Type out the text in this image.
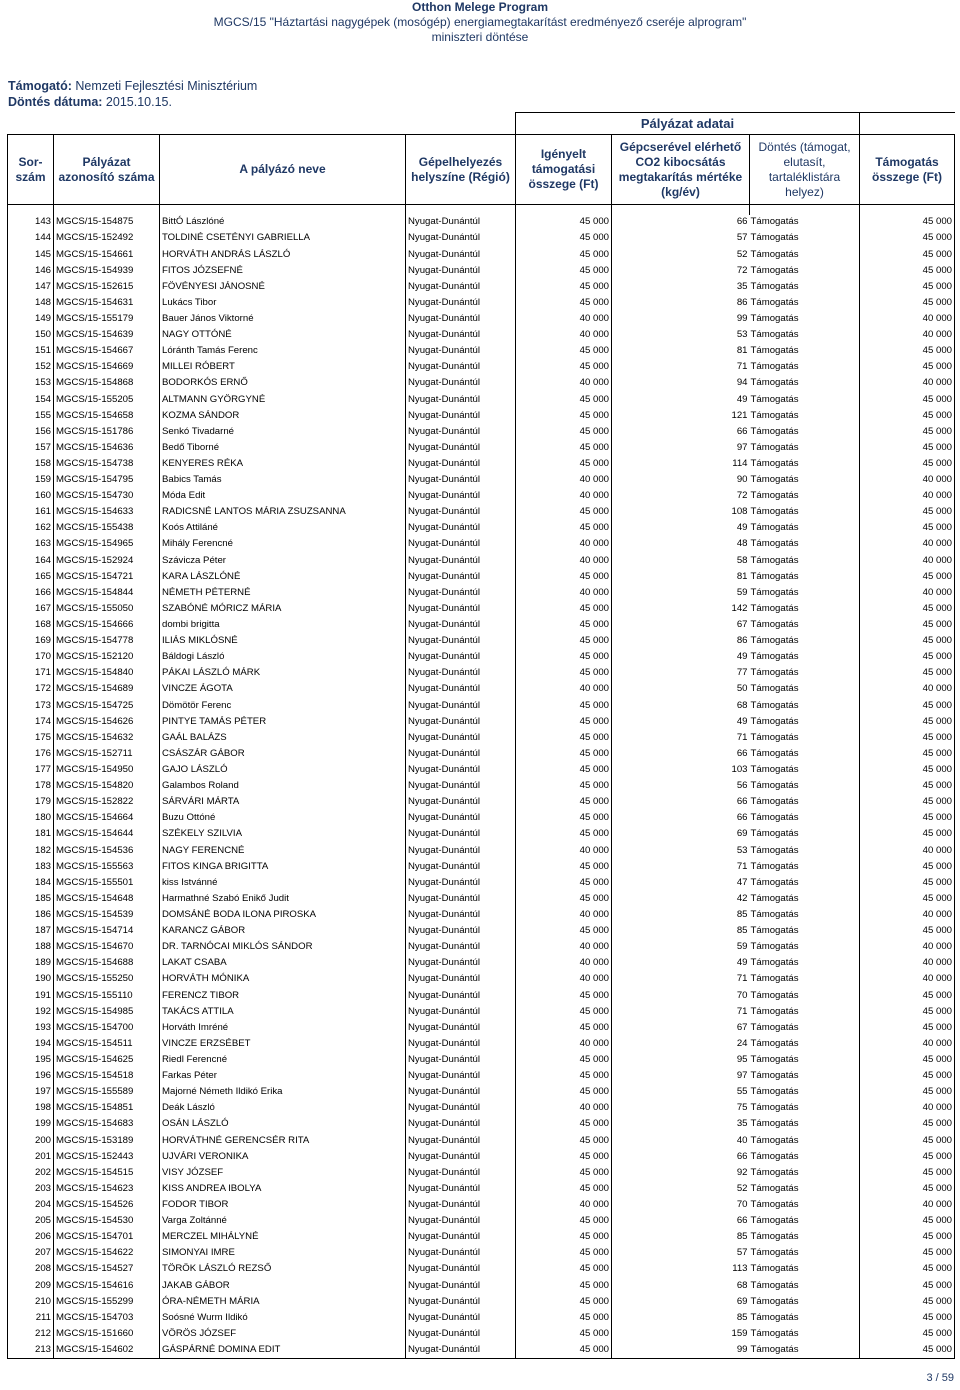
Otthon Melege Program
MGCS/15 "Háztartási nagygépek (mosógép) energiamegtakarítást eredményező cseréje alprogram"
miniszteri döntése
Támogató: Nemzeti Fejlesztési Minisztérium
Döntés dátuma: 2015.10.15.
				Pályázat adatai			
Sor-szám	Pályázat azonosító száma	A pályázó neve	Gépelhelyezés helyszíne (Régió)	Igényelt támogatási összege (Ft)	Gépcserével elérhető CO2 kibocsátás megtakarítás mértéke (kg/év)	Döntés (támogat, elutasít, tartaléklistára helyez)	Támogatás összege (Ft)

143	MGCS/15-154875	BittÓ Lászlóné	Nyugat-Dunántúl	45 000	66	Támogatás	45 000
144	MGCS/15-152492	TOLDINÉ CSETÉNYI GABRIELLA	Nyugat-Dunántúl	45 000	57	Támogatás	45 000
145	MGCS/15-154661	HORVÁTH ANDRÁS LÁSZLÓ	Nyugat-Dunántúl	45 000	52	Támogatás	45 000
146	MGCS/15-154939	FITOS JÓZSEFNÉ	Nyugat-Dunántúl	45 000	72	Támogatás	45 000
147	MGCS/15-152615	FÖVÉNYESI JÁNOSNÉ	Nyugat-Dunántúl	45 000	35	Támogatás	45 000
148	MGCS/15-154631	Lukács Tibor	Nyugat-Dunántúl	45 000	86	Támogatás	45 000
149	MGCS/15-155179	Bauer János Viktorné	Nyugat-Dunántúl	40 000	99	Támogatás	40 000
150	MGCS/15-154639	NAGY OTTÓNÉ	Nyugat-Dunántúl	40 000	53	Támogatás	40 000
151	MGCS/15-154667	Lóránth Tamás Ferenc	Nyugat-Dunántúl	45 000	81	Támogatás	45 000
152	MGCS/15-154669	MILLEI RÓBERT	Nyugat-Dunántúl	45 000	71	Támogatás	45 000
153	MGCS/15-154868	BODORKÓS ERNŐ	Nyugat-Dunántúl	40 000	94	Támogatás	40 000
154	MGCS/15-155205	ALTMANN GYÖRGYNÉ	Nyugat-Dunántúl	45 000	49	Támogatás	45 000
155	MGCS/15-154658	KOZMA SÁNDOR	Nyugat-Dunántúl	45 000	121	Támogatás	45 000
156	MGCS/15-151786	Senkó Tivadarné	Nyugat-Dunántúl	45 000	66	Támogatás	45 000
157	MGCS/15-154636	Bedő Tiborné	Nyugat-Dunántúl	45 000	97	Támogatás	45 000
158	MGCS/15-154738	KENYERES RÉKA	Nyugat-Dunántúl	45 000	114	Támogatás	45 000
159	MGCS/15-154795	Babics Tamás	Nyugat-Dunántúl	40 000	90	Támogatás	40 000
160	MGCS/15-154730	Móda Edit	Nyugat-Dunántúl	40 000	72	Támogatás	40 000
161	MGCS/15-154633	RADICSNÉ LANTOS MÁRIA ZSUZSANNA	Nyugat-Dunántúl	45 000	108	Támogatás	45 000
162	MGCS/15-155438	Koós Attiláné	Nyugat-Dunántúl	45 000	49	Támogatás	45 000
163	MGCS/15-154965	Mihály Ferencné	Nyugat-Dunántúl	40 000	48	Támogatás	40 000
164	MGCS/15-152924	Szávicza Péter	Nyugat-Dunántúl	40 000	58	Támogatás	40 000
165	MGCS/15-154721	KARA LÁSZLÓNÉ	Nyugat-Dunántúl	45 000	81	Támogatás	45 000
166	MGCS/15-154844	NÉMETH PÉTERNÉ	Nyugat-Dunántúl	40 000	59	Támogatás	40 000
167	MGCS/15-155050	SZABÓNÉ MÓRICZ MÁRIA	Nyugat-Dunántúl	45 000	142	Támogatás	45 000
168	MGCS/15-154666	dombi brigitta	Nyugat-Dunántúl	45 000	67	Támogatás	45 000
169	MGCS/15-154778	ILIÁS MIKLÓSNÉ	Nyugat-Dunántúl	45 000	86	Támogatás	45 000
170	MGCS/15-152120	Báldogi László	Nyugat-Dunántúl	45 000	49	Támogatás	45 000
171	MGCS/15-154840	PÁKAI LÁSZLÓ MÁRK	Nyugat-Dunántúl	45 000	77	Támogatás	45 000
172	MGCS/15-154689	VINCZE ÁGOTA	Nyugat-Dunántúl	40 000	50	Támogatás	40 000
173	MGCS/15-154725	Dömötör Ferenc	Nyugat-Dunántúl	45 000	68	Támogatás	45 000
174	MGCS/15-154626	PINTYE TAMÁS PÉTER	Nyugat-Dunántúl	45 000	49	Támogatás	45 000
175	MGCS/15-154632	GAÁL BALÁZS	Nyugat-Dunántúl	45 000	71	Támogatás	45 000
176	MGCS/15-152711	CSÁSZÁR GÁBOR	Nyugat-Dunántúl	45 000	66	Támogatás	45 000
177	MGCS/15-154950	GAJO LÁSZLÓ	Nyugat-Dunántúl	45 000	103	Támogatás	45 000
178	MGCS/15-154820	Galambos Roland	Nyugat-Dunántúl	45 000	56	Támogatás	45 000
179	MGCS/15-152822	SÁRVÁRI MÁRTA	Nyugat-Dunántúl	45 000	66	Támogatás	45 000
180	MGCS/15-154664	Buzu Ottóné	Nyugat-Dunántúl	45 000	66	Támogatás	45 000
181	MGCS/15-154644	SZÉKELY SZILVIA	Nyugat-Dunántúl	45 000	69	Támogatás	45 000
182	MGCS/15-154536	NAGY FERENCNÉ	Nyugat-Dunántúl	40 000	53	Támogatás	40 000
183	MGCS/15-155563	FITOS KINGA BRIGITTA	Nyugat-Dunántúl	45 000	71	Támogatás	45 000
184	MGCS/15-155501	kiss Istvánné	Nyugat-Dunántúl	45 000	47	Támogatás	45 000
185	MGCS/15-154648	Harmathné Szabó Enikő Judit	Nyugat-Dunántúl	45 000	42	Támogatás	45 000
186	MGCS/15-154539	DOMSÁNÉ BODA ILONA PIROSKA	Nyugat-Dunántúl	40 000	85	Támogatás	40 000
187	MGCS/15-154714	KARANCZ GÁBOR	Nyugat-Dunántúl	45 000	85	Támogatás	45 000
188	MGCS/15-154670	DR. TARNÓCAI MIKLÓS SÁNDOR	Nyugat-Dunántúl	40 000	59	Támogatás	40 000
189	MGCS/15-154688	LAKAT CSABA	Nyugat-Dunántúl	40 000	49	Támogatás	40 000
190	MGCS/15-155250	HORVÁTH MÓNIKA	Nyugat-Dunántúl	40 000	71	Támogatás	40 000
191	MGCS/15-155110	FERENCZ TIBOR	Nyugat-Dunántúl	45 000	70	Támogatás	45 000
192	MGCS/15-154985	TAKÁCS ATTILA	Nyugat-Dunántúl	45 000	71	Támogatás	45 000
193	MGCS/15-154700	Horváth Imréné	Nyugat-Dunántúl	45 000	67	Támogatás	45 000
194	MGCS/15-154511	VINCZE ERZSÉBET	Nyugat-Dunántúl	40 000	24	Támogatás	40 000
195	MGCS/15-154625	Riedl Ferencné	Nyugat-Dunántúl	45 000	95	Támogatás	45 000
196	MGCS/15-154518	Farkas Péter	Nyugat-Dunántúl	45 000	97	Támogatás	45 000
197	MGCS/15-155589	Majorné Németh Ildikó Erika	Nyugat-Dunántúl	45 000	55	Támogatás	45 000
198	MGCS/15-154851	Deák László	Nyugat-Dunántúl	40 000	75	Támogatás	40 000
199	MGCS/15-154683	OSÁN LÁSZLÓ	Nyugat-Dunántúl	45 000	35	Támogatás	45 000
200	MGCS/15-153189	HORVÁTHNÉ GERENCSÉR RITA	Nyugat-Dunántúl	45 000	40	Támogatás	45 000
201	MGCS/15-152443	UJVÁRI VERONIKA	Nyugat-Dunántúl	45 000	66	Támogatás	45 000
202	MGCS/15-154515	VISY JÓZSEF	Nyugat-Dunántúl	45 000	92	Támogatás	45 000
203	MGCS/15-154623	KISS ANDREA IBOLYA	Nyugat-Dunántúl	45 000	52	Támogatás	45 000
204	MGCS/15-154526	FODOR TIBOR	Nyugat-Dunántúl	40 000	70	Támogatás	40 000
205	MGCS/15-154530	Varga Zoltánné	Nyugat-Dunántúl	45 000	66	Támogatás	45 000
206	MGCS/15-154701	MERCZEL MIHÁLYNÉ	Nyugat-Dunántúl	45 000	85	Támogatás	45 000
207	MGCS/15-154622	SIMONYAI IMRE	Nyugat-Dunántúl	45 000	57	Támogatás	45 000
208	MGCS/15-154527	TÖRÖK LÁSZLÓ REZSŐ	Nyugat-Dunántúl	45 000	113	Támogatás	45 000
209	MGCS/15-154616	JAKAB GÁBOR	Nyugat-Dunántúl	45 000	68	Támogatás	45 000
210	MGCS/15-155299	ÓRA-NÉMETH MÁRIA	Nyugat-Dunántúl	45 000	69	Támogatás	45 000
211	MGCS/15-154703	Soósné Wurm Ildikó	Nyugat-Dunántúl	45 000	85	Támogatás	45 000
212	MGCS/15-151660	VÖRÖS JÓZSEF	Nyugat-Dunántúl	45 000	159	Támogatás	45 000
213	MGCS/15-154602	GÁSPÁRNÉ DOMINA EDIT	Nyugat-Dunántúl	45 000	99	Támogatás	45 000
3 / 59
